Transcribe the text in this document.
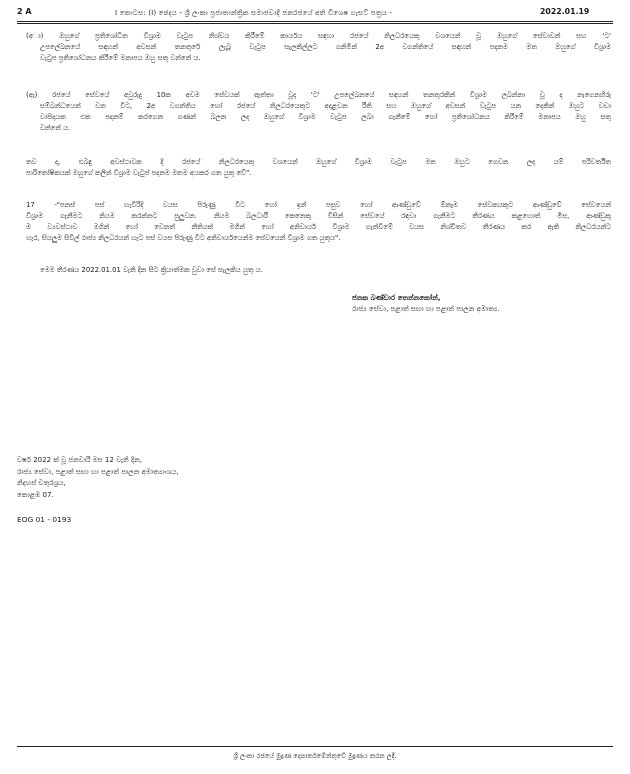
2 A	I කොටස: (I) ඡෙදය - ශ්‍රී ලංකා ප්‍රජාතාන්ත්‍රික සමාජවාදී ජනරජයේ අති විශෙෂ ගැසට් පත්‍රය -	2022.01.19
(අා) ඔහුගේ ප්‍රතිශෝධිත විශ්‍රාම වැටුප නිශ්චය කිරීමේ කාර්යය සඳහා රජයේ නිලධරයෙකු වශයෙන් වූ ඔහුගේ සේවාවන් සහ 'ට'
උපලේඛනයේ සඳහන් අවසන් තනතුරේ ලැබූ වැටුප සැලකිල්ලට ගනිමින් 2අ වගන්තියේ සඳහන් පදනම මත ඔහුගේ විශ්‍රාම
වැටුප ප්‍රතිශෝධනය කිරීමේ මනාපය ඔහු සතු වන්නේ ය.
(ඇ) රජයේ සේවයේ අවුරුදු 10ක අවම සේවයක් ඇත්තා වූද 'ට' උපලේඛනයේ සඳහන් තනතුරකින් විශ්‍රාම ලබන්නා වූ ද නැගෙනහිරු
සම්බන්ධයෙන් වන විට, 2අ වගන්තිය හෝ රජයේ නිලධරයෙකුට අදාළවන රීති සහ ඔහුගේ අවසන් වැටුප යන දෙකින් ඔහුට වඩා
වාසිදායක එක පදනම් කරගෙන ගණන් බලන ලද ඔහුගේ විශ්‍රාම වැටුප ලබා ගැනීමේ හෝ ප්‍රතිශෝධනය කිරීමේ මනාපය ඔහු සතු
වන්නේ ය.
තව ද, එබඳු අවස්ථාවක දී රජයේ නිලධරයෙකු වශයෙන් ඔහුගේ විශ්‍රාම වැටුප මත ඔහුට ගෙවන ලද යම් පරිවර්තිත
පාරිතෝෂිකයක් ඔහුගේ කලින් විශ්‍රාම වැටුප් පදනම මතම අයකර ගත යුතු වේ".
17 -"පනස් පස් හැවිරිදි වයස පිරුණු විට හෝ ඉන් පසුව හෝ ආණ්ඩුවේ ඕනෑම සේවකයකුට ආණ්ඩුවේ සේවයෙන්
විශ්‍රාම ගැනීමට නියම කරන්නට පුලුවන. නියම බලධාරී කෙනෙකු විසින් සේවයේ රඳවා ගැනීමට තීරණය කළහොත් මිස, ආණ්ඩුකු
ම ව්‍යවස්ථාව මගින් හෝ වෙනත් නීතියක් මගින් හෝ අනිවාර්ය විශ්‍රාම ගැන්වීමේ වයස නිශ්චිතව තීරණය කර ඇති නිලධරයන්ට
හැර, සියලුම සිවිල් රාජ්‍ය නිලධරයන් හැට පස් වයස පිරුණු විට අනිවාර්යයෙන්ම සේවයෙන් විශ්‍රාම ගත යුතුය".
මෙම තීරණය 2022.01.01 වැනි දින සිට ක්‍රියාත්මක වුවා සේ සැලකිය යුතු ය.
ජනක බණ්ඩාර තෙන්නකෝන්,
රාජ්‍ය සේවා, පළාත් සභා හා පළාත් පාලන අමාත්‍ය.
වර්ෂ 2022 ක් වූ ජනවාරි මස 12 වැනි දින,
රාජ්‍ය සේවා, පළාත් සභා හා පළාත් පාලන අමාත්‍යාංශය,
නිදහස් චතුරශ්‍රය,
කොළඹ 07.
EOG 01 - 0193
ශ්‍රී ලංකා රජයේ මුද්‍රණ දෙපාර්තමේන්තුවේ මුද්‍රණය කරන ලදී.
